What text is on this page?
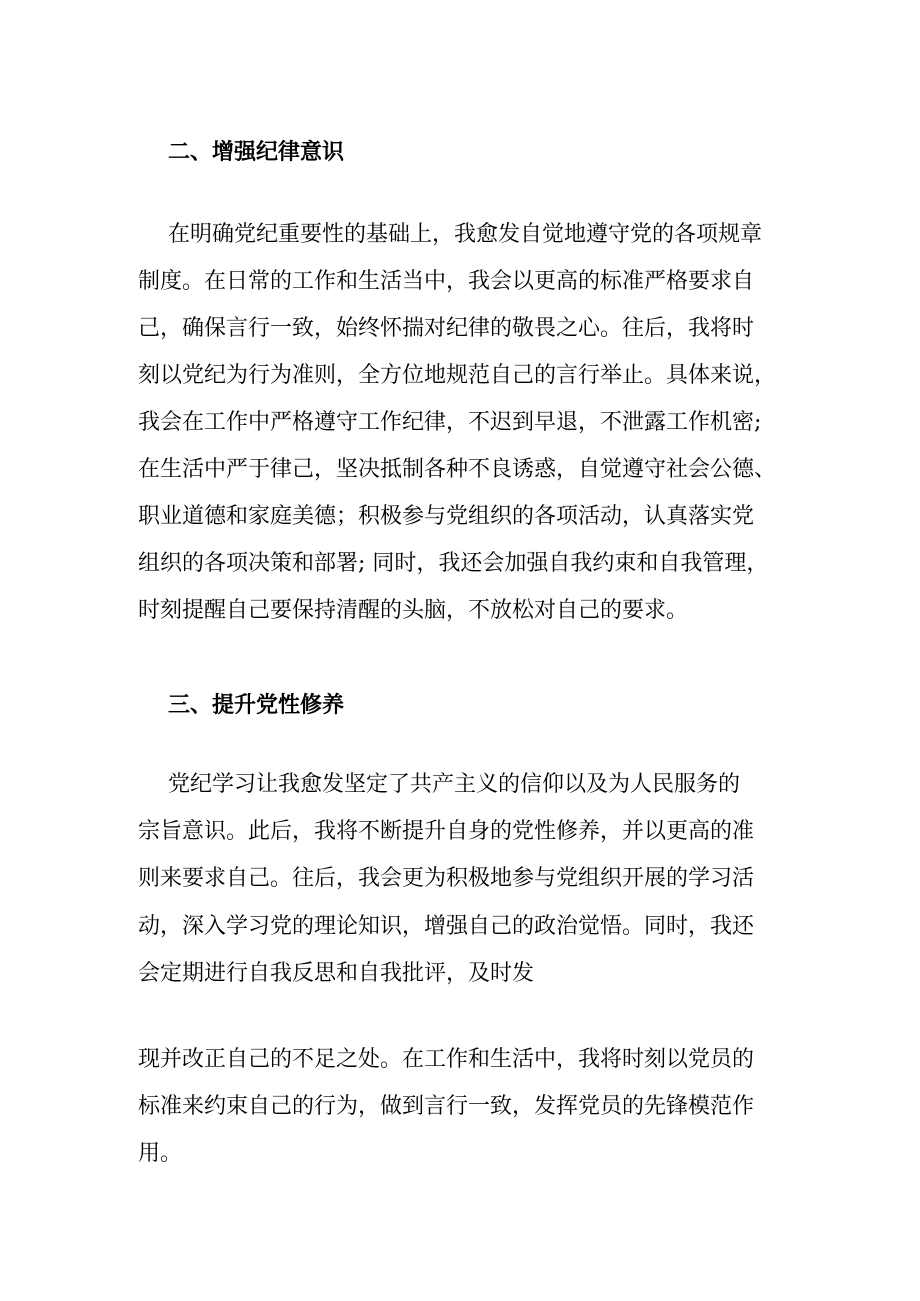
二、增强纪律意识

在明确党纪重要性的基础上，我愈发自觉地遵守党的各项规章

制度。在日常的工作和生活当中，我会以更高的标准严格要求自

己，确保言行一致，始终怀揣对纪律的敬畏之心。往后，我将时

刻以党纪为行为准则，全方位地规范自己的言行举止。具体来说，

我会在工作中严格遵守工作纪律，不迟到早退，不泄露工作机密;

在生活中严于律己，坚决抵制各种不良诱惑，自觉遵守社会公德、

职业道德和家庭美德；积极参与党组织的各项活动，认真落实党

组织的各项决策和部署; 同时，我还会加强自我约束和自我管理，

时刻提醒自己要保持清醒的头脑，不放松对自己的要求。

三、提升党性修养

党纪学习让我愈发坚定了共产主义的信仰以及为人民服务的

宗旨意识。此后，我将不断提升自身的党性修养，并以更高的准

则来要求自己。往后，我会更为积极地参与党组织开展的学习活

动，深入学习党的理论知识，增强自己的政治觉悟。同时，我还

会定期进行自我反思和自我批评，及时发

现并改正自己的不足之处。在工作和生活中，我将时刻以党员的

标准来约束自己的行为，做到言行一致，发挥党员的先锋模范作

用。
